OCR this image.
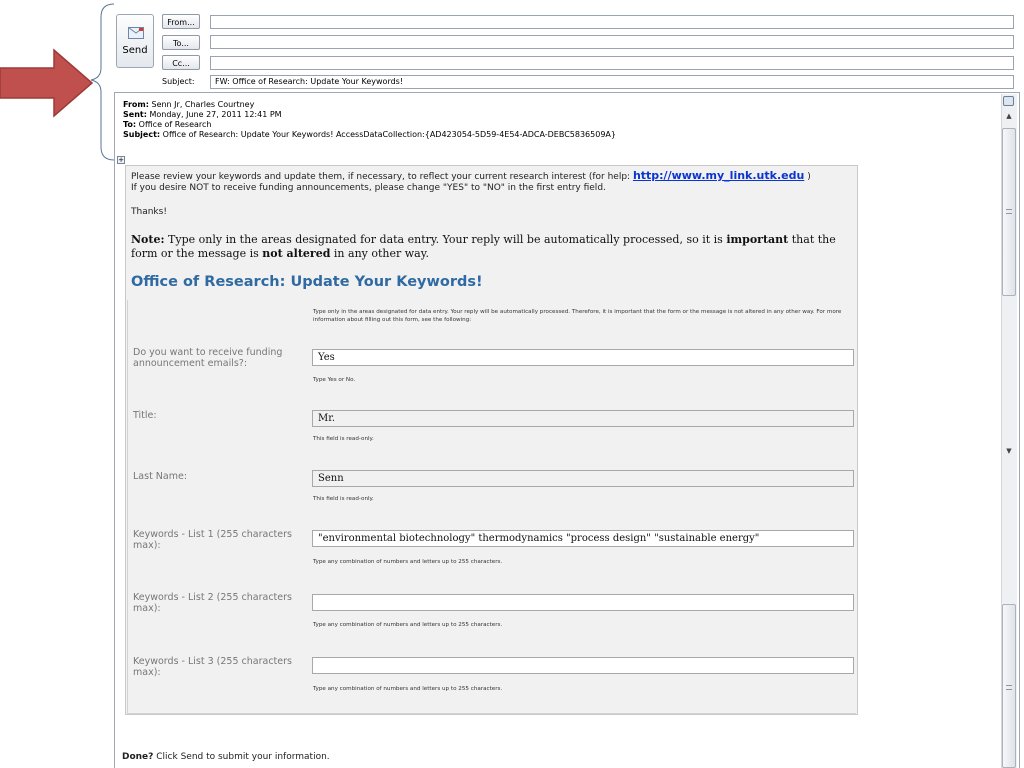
Send
From...
To...
Cc...
Subject:	FW: Office of Research: Update Your Keywords!
From: Senn Jr, Charles Courtney
Sent: Monday, June 27, 2011 12:41 PM
To: Office of Research
Subject: Office of Research: Update Your Keywords! AccessDataCollection:{AD423054-5D59-4E54-ADCA-DEBC5836509A}
+
Please review your keywords and update them, if necessary, to reflect your current research interest (for help: http://www.my_link.utk.edu )
If you desire NOT to receive funding announcements, please change "YES" to "NO" in the first entry field.
Thanks!
Note: Type only in the areas designated for data entry. Your reply will be automatically processed, so it is important that the form or the message is not altered in any other way.
Office of Research: Update Your Keywords!
Type only in the areas designated for data entry. Your reply will be automatically processed. Therefore, it is important that the form or the message is not altered in any other way. For more information about filling out this form, see the following:
Do you want to receive funding announcement emails?:
Yes
Type Yes or No.
Title:	Mr.
This field is read-only.
Last Name:	Senn
This field is read-only.
Keywords - List 1 (255 characters max):
"environmental biotechnology" thermodynamics "process design" "sustainable energy"
Type any combination of numbers and letters up to 255 characters.
Keywords - List 2 (255 characters max):
Type any combination of numbers and letters up to 255 characters.
Keywords - List 3 (255 characters max):
Type any combination of numbers and letters up to 255 characters.
Done? Click Send to submit your information.
▲
▼
